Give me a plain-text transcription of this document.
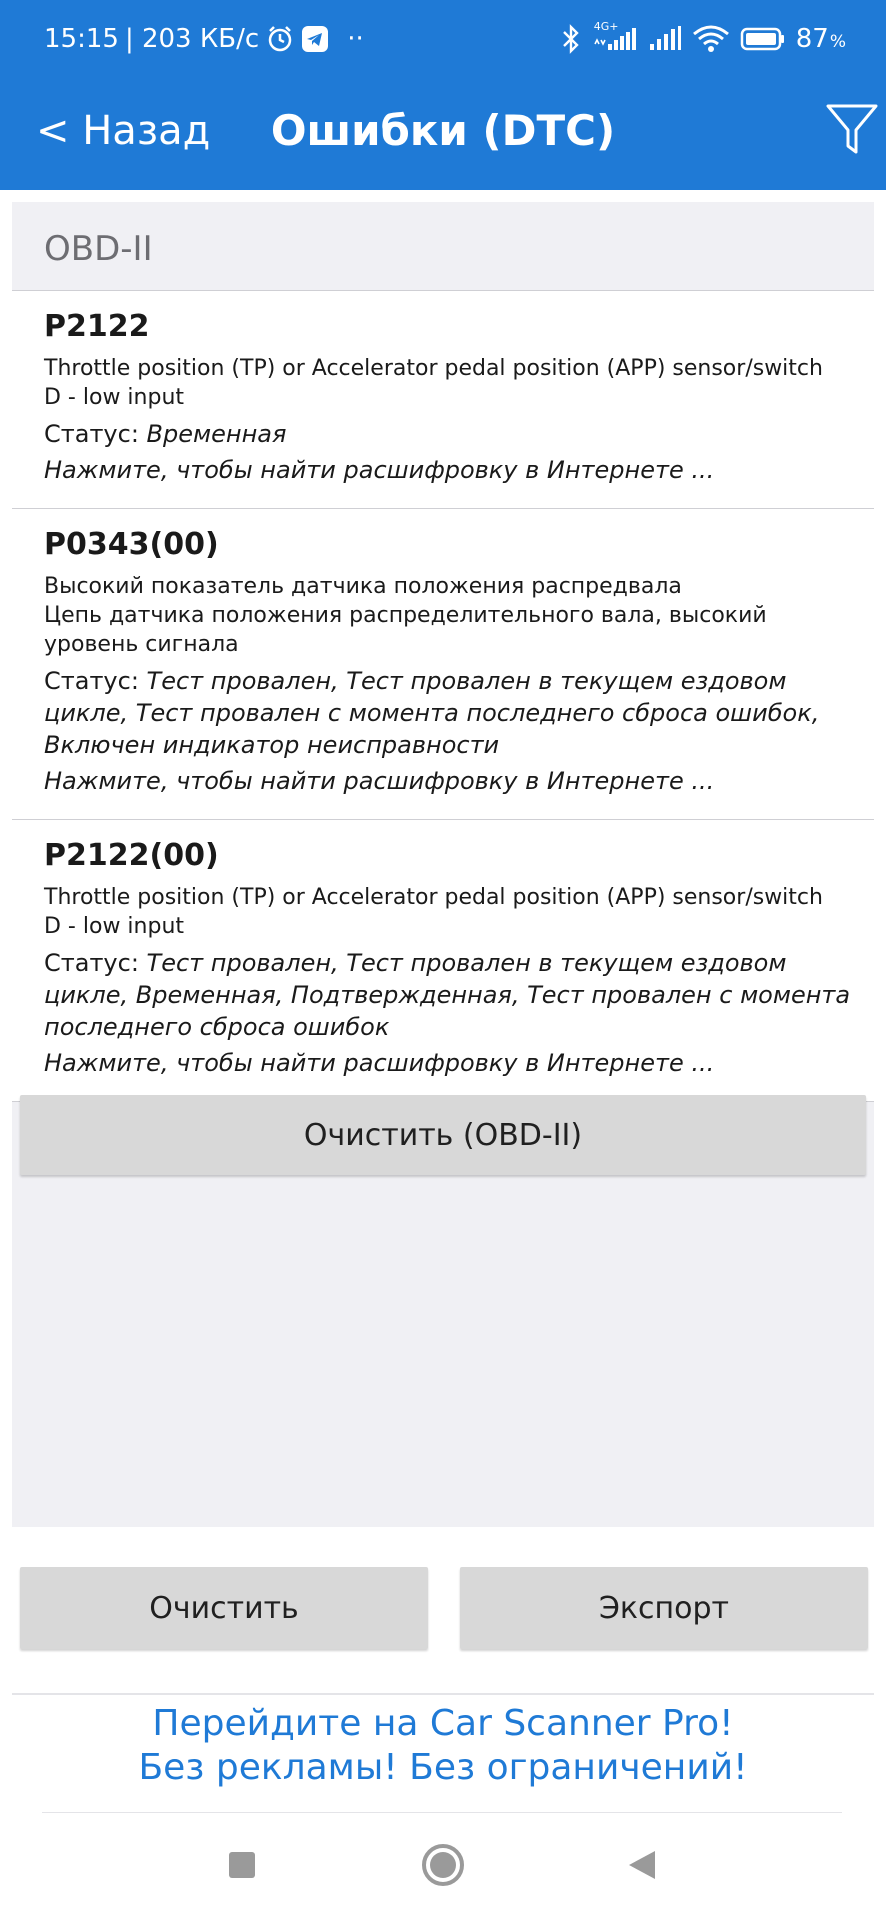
15:15 | 203 КБ/с	··	4G+	87%
< Назад	Ошибки (DTC)
OBD-II
P2122
Throttle position (TP) or Accelerator pedal position (APP) sensor/switch
D - low input
Статус: Временная
Нажмите, чтобы найти расшифровку в Интернете ...
P0343(00)
Высокий показатель датчика положения распредвала
Цепь датчика положения распределительного вала, высокий уровень сигнала
Статус: Тест провален, Тест провален в текущем ездовом цикле, Тест провален с момента последнего сброса ошибок, Включен индикатор неисправности
Нажмите, чтобы найти расшифровку в Интернете ...
P2122(00)
Throttle position (TP) or Accelerator pedal position (APP) sensor/switch
D - low input
Статус: Тест провален, Тест провален в текущем ездовом цикле, Временная, Подтвержденная, Тест провален с момента последнего сброса ошибок
Нажмите, чтобы найти расшифровку в Интернете ...
Очистить (OBD-II)
Очистить	Экспорт
Перейдите на Car Scanner Pro!
Без рекламы! Без ограничений!
